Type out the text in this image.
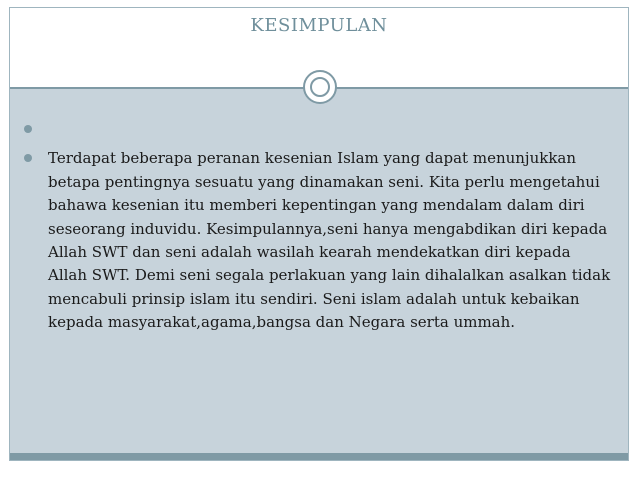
KESIMPULAN
Terdapat beberapa peranan kesenian Islam yang dapat menunjukkan betapa pentingnya sesuatu yang dinamakan seni. Kita perlu mengetahui bahawa kesenian itu memberi kepentingan yang mendalam dalam diri seseorang induvidu. Kesimpulannya,seni hanya mengabdikan diri kepada Allah SWT dan seni adalah wasilah kearah mendekatkan diri kepada Allah SWT. Demi seni segala perlakuan yang lain dihalalkan asalkan tidak mencabuli prinsip islam itu sendiri. Seni islam adalah untuk kebaikan kepada masyarakat,agama,bangsa dan Negara serta ummah.
